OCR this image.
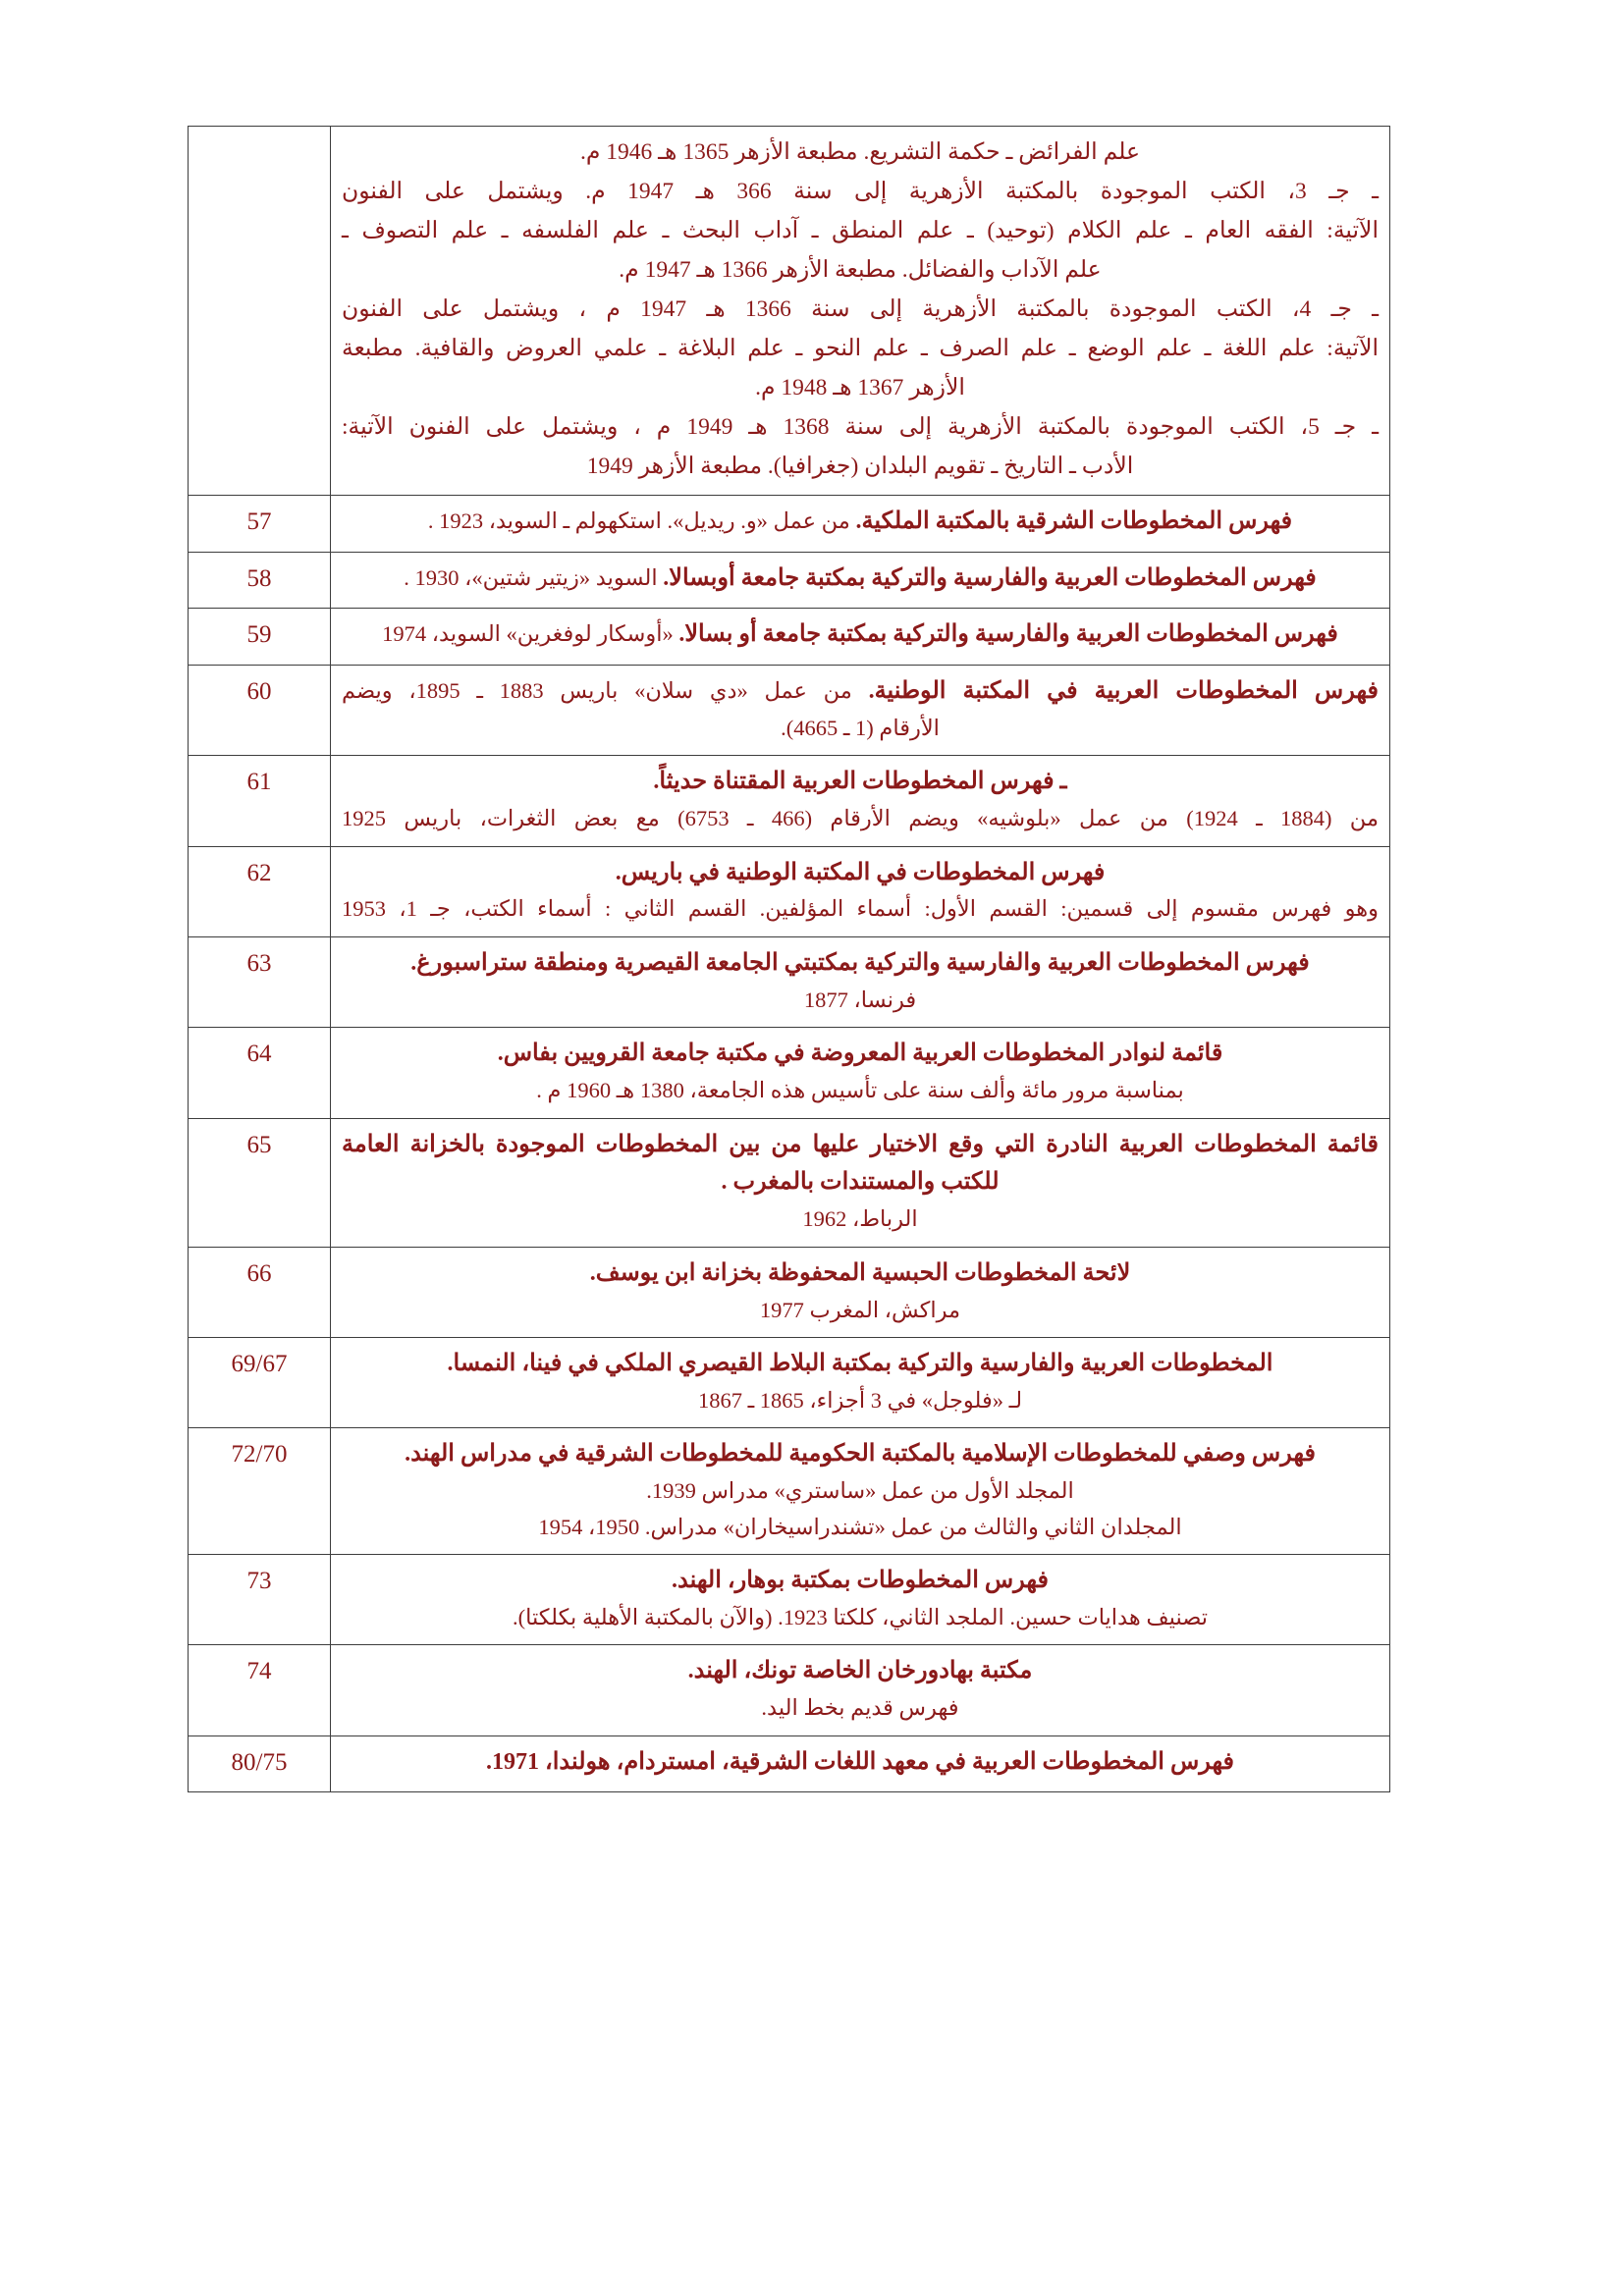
علم الفرائض ـ حكمة التشريع. مطبعة الأزهر 1365 هـ 1946 م.
ـ جـ 3، الكتب الموجودة بالمكتبة الأزهرية إلى سنة 366 هـ 1947 م. ويشتمل على الفنون
الآتية: الفقه العام ـ علم الكلام (توحيد) ـ علم المنطق ـ آداب البحث ـ علم الفلسفه ـ علم التصوف ـ
علم الآداب والفضائل. مطبعة الأزهر 1366 هـ 1947 م.
ـ جـ 4، الكتب الموجودة بالمكتبة الأزهرية إلى سنة 1366 هـ 1947 م ، ويشتمل على الفنون
الآتية: علم اللغة ـ علم الوضع ـ علم الصرف ـ علم النحو ـ علم البلاغة ـ علمي العروض والقافية. مطبعة
الأزهر 1367 هـ 1948 م.
ـ جـ 5، الكتب الموجودة بالمكتبة الأزهرية إلى سنة 1368 هـ 1949 م ، ويشتمل على الفنون الآتية:
الأدب ـ التاريخ ـ تقويم البلدان (جغرافيا). مطبعة الأزهر 1949

فهرس المخطوطات الشرقية بالمكتبة الملكية. من عمل «و. ريديل». استكهولم ـ السويد، 1923 .	57

فهرس المخطوطات العربية والفارسية والتركية بمكتبة جامعة أوبسالا. السويد «زيتير شتين»، 1930 .	58

فهرس المخطوطات العربية والفارسية والتركية بمكتبة جامعة أو بسالا. «أوسكار لوفغرين» السويد، 1974	59

فهرس المخطوطات العربية في المكتبة الوطنية. من عمل «دي سلان» باريس 1883 ـ 1895، ويضم
الأرقام (1 ـ 4665).	60

ـ فهرس المخطوطات العربية المقتناة حديثاً.
من (1884 ـ 1924) من عمل «بلوشيه» ويضم الأرقام (466 ـ 6753) مع بعض الثغرات، باريس 1925	61

فهرس المخطوطات في المكتبة الوطنية في باريس.
وهو فهرس مقسوم إلى قسمين: القسم الأول: أسماء المؤلفين. القسم الثاني : أسماء الكتب، جـ 1، 1953	62

فهرس المخطوطات العربية والفارسية والتركية بمكتبتي الجامعة القيصرية ومنطقة ستراسبورغ.
فرنسا، 1877	63

قائمة لنوادر المخطوطات العربية المعروضة في مكتبة جامعة القرويين بفاس.
بمناسبة مرور مائة وألف سنة على تأسيس هذه الجامعة، 1380 هـ 1960 م .	64

قائمة المخطوطات العربية النادرة التي وقع الاختيار عليها من بين المخطوطات الموجودة بالخزانة العامة
للكتب والمستندات بالمغرب .
الرباط، 1962	65

لائحة المخطوطات الحبسية المحفوظة بخزانة ابن يوسف.
مراكش، المغرب 1977	66

المخطوطات العربية والفارسية والتركية بمكتبة البلاط القيصري الملكي في فينا، النمسا.
لـ «فلوجل» في 3 أجزاء، 1865 ـ 1867	69/67

فهرس وصفي للمخطوطات الإسلامية بالمكتبة الحكومية للمخطوطات الشرقية في مدراس الهند.
المجلد الأول من عمل «ساستري» مدراس 1939.
المجلدان الثاني والثالث من عمل «تشندراسيخاران» مدراس. 1950، 1954	72/70

فهرس المخطوطات بمكتبة بوهار، الهند.
تصنيف هدايات حسين. الملجد الثاني، كلكتا 1923. (والآن بالمكتبة الأهلية بكلكتا).	73

مكتبة بهادورخان الخاصة تونك، الهند.
فهرس قديم بخط اليد.	74

فهرس المخطوطات العربية في معهد اللغات الشرقية، امستردام، هولندا، 1971.	80/75
